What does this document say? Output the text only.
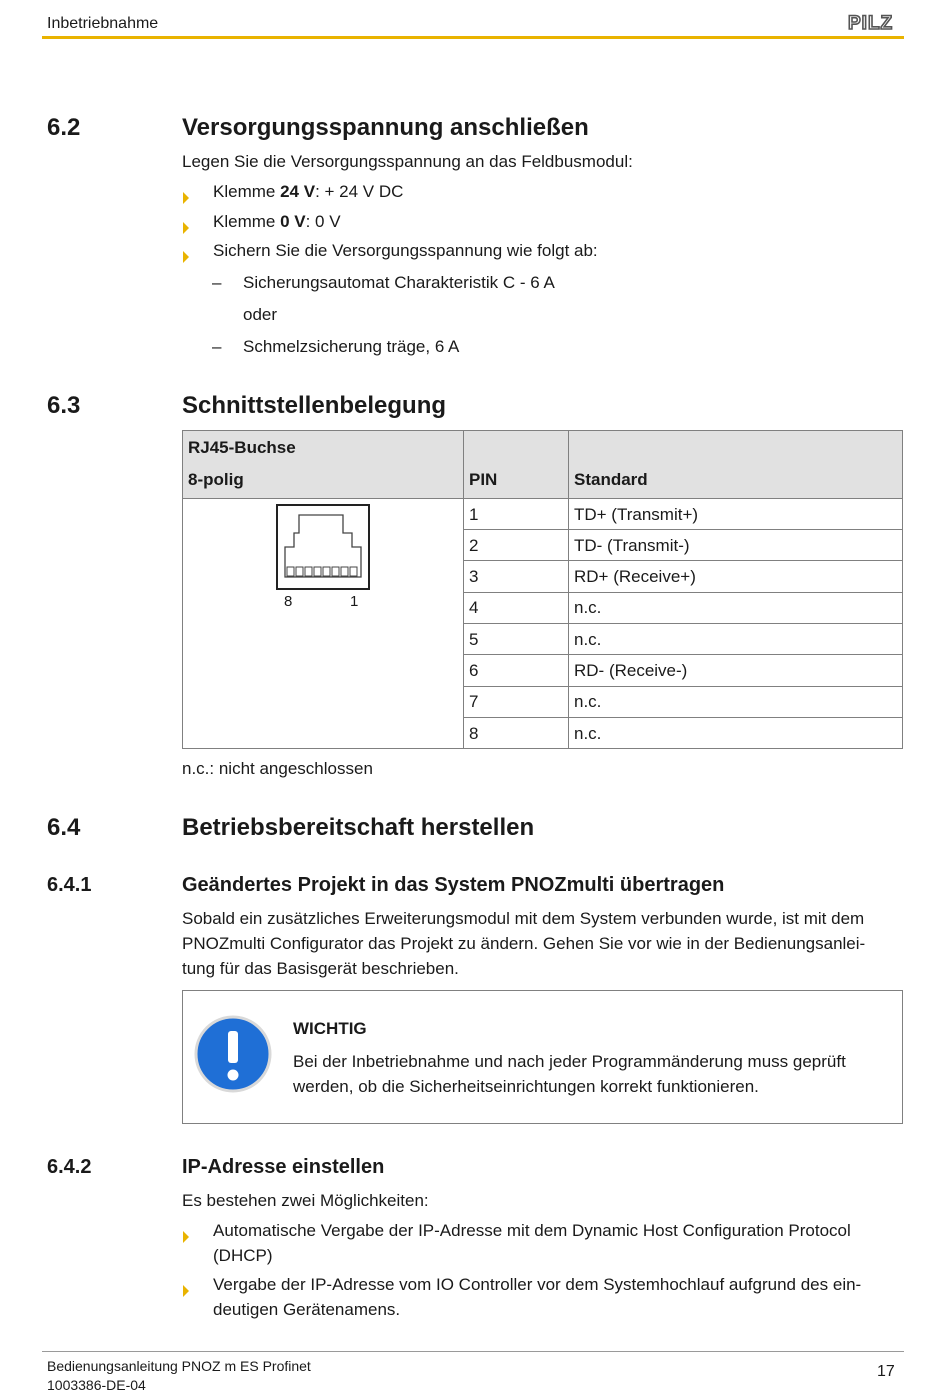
Inbetriebnahme	PILZ
6.2	Versorgungsspannung anschließen
Legen Sie die Versorgungsspannung an das Feldbusmodul:
Klemme 24 V: + 24 V DC
Klemme 0 V: 0 V
Sichern Sie die Versorgungsspannung wie folgt ab:
– Sicherungsautomat Charakteristik C - 6 A
oder
– Schmelzsicherung träge, 6 A
6.3	Schnittstellenbelegung
RJ45-Buchse
8-polig	PIN	Standard
8	1
1	TD+ (Transmit+)
2	TD- (Transmit-)
3	RD+ (Receive+)
4	n.c.
5	n.c.
6	RD- (Receive-)
7	n.c.
8	n.c.
n.c.: nicht angeschlossen
6.4	Betriebsbereitschaft herstellen
6.4.1	Geändertes Projekt in das System PNOZmulti übertragen
Sobald ein zusätzliches Erweiterungsmodul mit dem System verbunden wurde, ist mit dem
PNOZmulti Configurator das Projekt zu ändern. Gehen Sie vor wie in der Bedienungsanlei-
tung für das Basisgerät beschrieben.
WICHTIG
Bei der Inbetriebnahme und nach jeder Programmänderung muss geprüft
werden, ob die Sicherheitseinrichtungen korrekt funktionieren.
6.4.2	IP-Adresse einstellen
Es bestehen zwei Möglichkeiten:
Automatische Vergabe der IP-Adresse mit dem Dynamic Host Configuration Protocol
(DHCP)
Vergabe der IP-Adresse vom IO Controller vor dem Systemhochlauf aufgrund des ein-
deutigen Gerätenamens.
Bedienungsanleitung PNOZ m ES Profinet
1003386-DE-04
17
